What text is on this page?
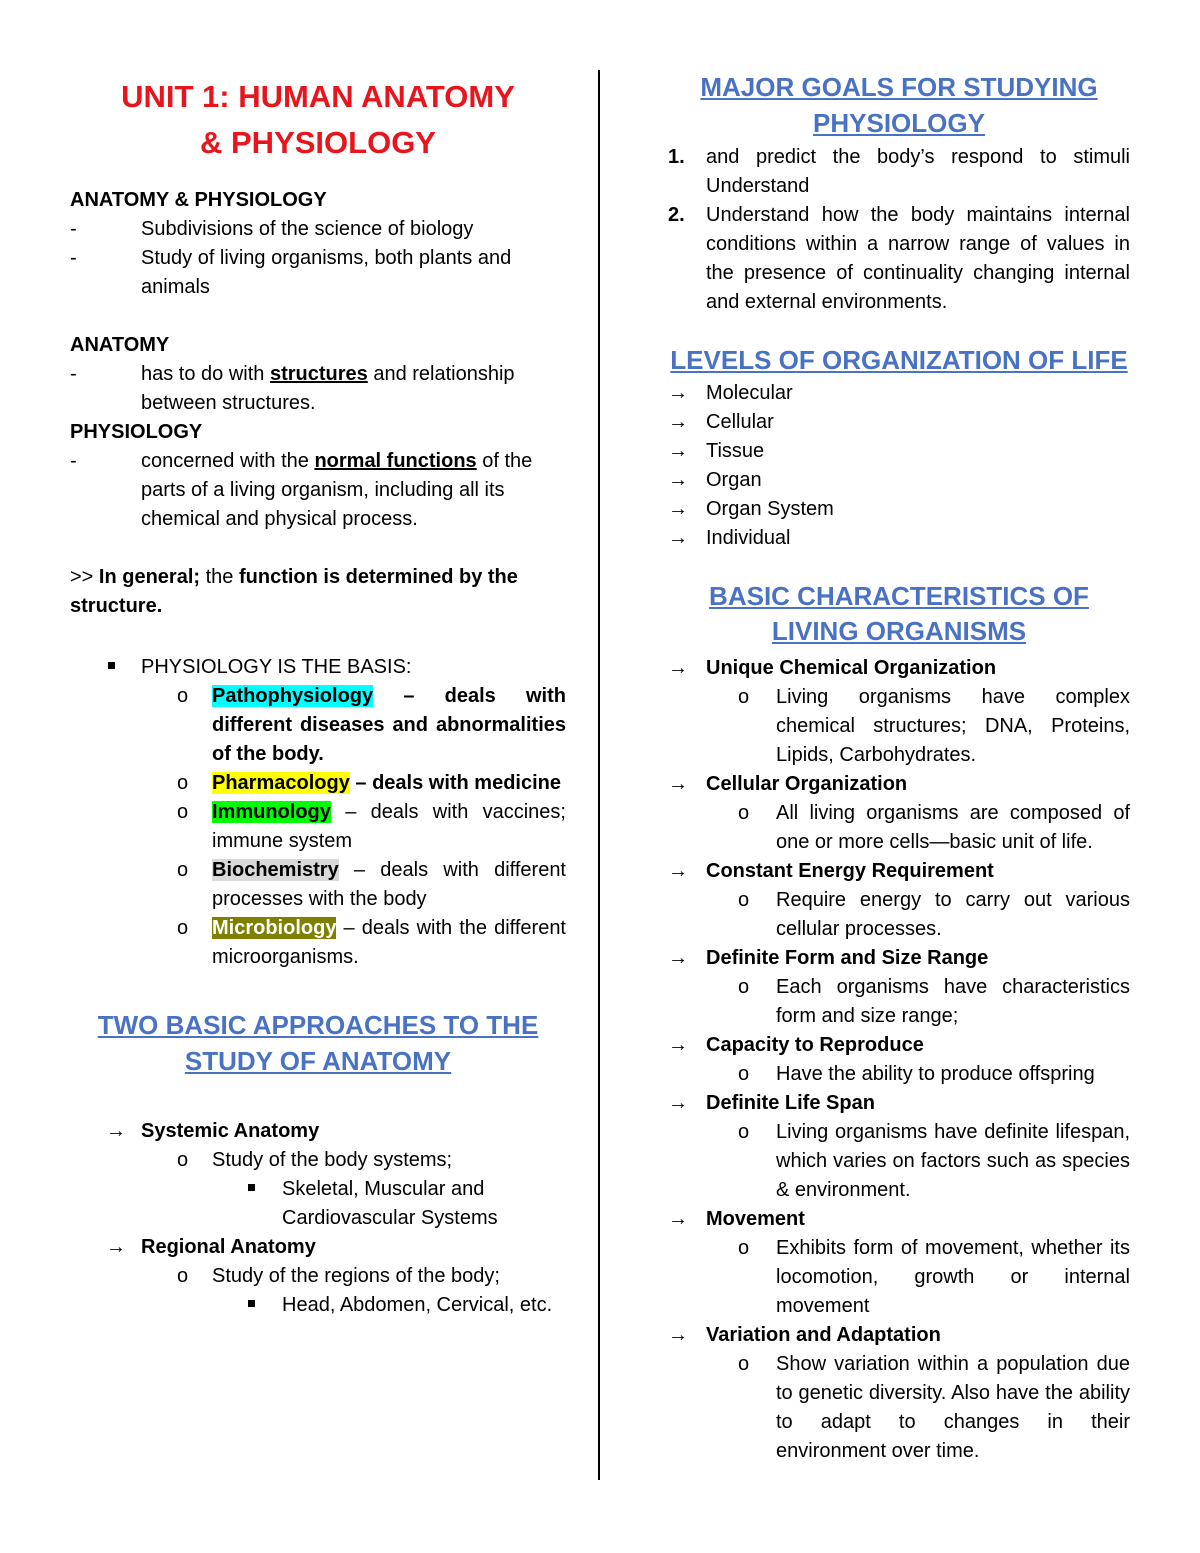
UNIT 1: HUMAN ANATOMY
& PHYSIOLOGY

ANATOMY & PHYSIOLOGY

-	Subdivisions of the science of biology
-	Study of living organisms, both plants and animals

ANATOMY

-	has to do with structures and relationship between structures.

PHYSIOLOGY

-	concerned with the normal functions of the parts of a living organism, including all its chemical and physical process.

>> In general; the function is determined by the structure.

PHYSIOLOGY IS THE BASIS:
o	Pathophysiology – deals with different diseases and abnormalities of the body.
o	Pharmacology – deals with medicine
o	Immunology – deals with vaccines; immune system
o	Biochemistry – deals with different processes with the body
o	Microbiology – deals with the different microorganisms.
TWO BASIC APPROACHES TO THE
STUDY OF ANATOMY
→ Systemic Anatomy
o	Study of the body systems;
Skeletal, Muscular and Cardiovascular Systems
→ Regional Anatomy
o	Study of the regions of the body;
Head, Abdomen, Cervical, etc.
MAJOR GOALS FOR STUDYING
PHYSIOLOGY
1.	and predict the body’s respond to stimuli Understand
2.	Understand how the body maintains internal conditions within a narrow range of values in the presence of continuality changing internal and external environments.
LEVELS OF ORGANIZATION OF LIFE
→ Molecular
→ Cellular
→ Tissue
→ Organ
→ Organ System
→ Individual
BASIC CHARACTERISTICS OF
LIVING ORGANISMS
→ Unique Chemical Organization
o	Living organisms have complex chemical structures; DNA, Proteins, Lipids, Carbohydrates.
→ Cellular Organization
o	All living organisms are composed of one or more cells—basic unit of life.
→ Constant Energy Requirement
o	Require energy to carry out various cellular processes.
→ Definite Form and Size Range
o	Each organisms have characteristics form and size range;
→ Capacity to Reproduce
o	Have the ability to produce offspring
→ Definite Life Span
o	Living organisms have definite lifespan, which varies on factors such as species & environment.
→ Movement
o	Exhibits form of movement, whether its locomotion, growth or internal movement
→ Variation and Adaptation
o	Show variation within a population due to genetic diversity. Also have the ability to adapt to changes in their environment over time.
